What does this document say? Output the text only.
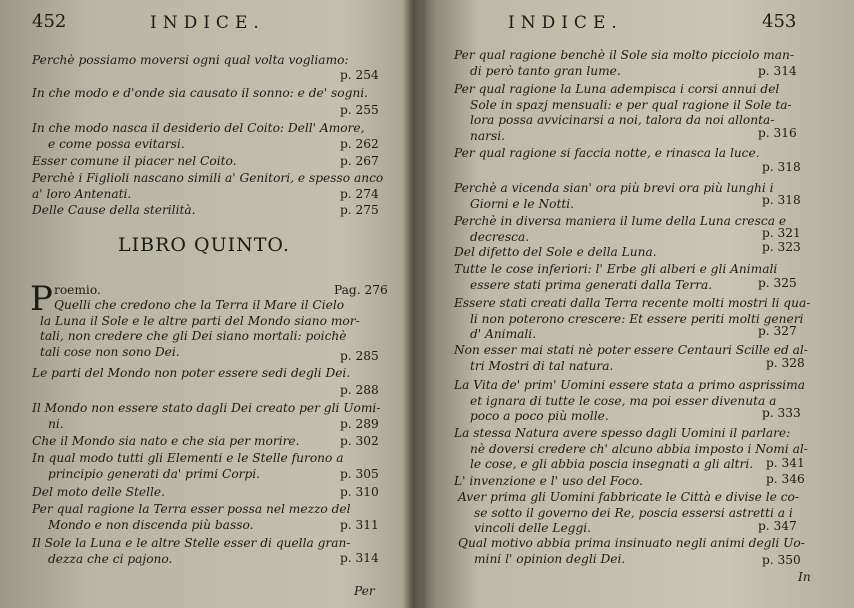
452	INDICE.
Perchè possiamo moversi ogni qual volta vogliamo:
p. 254
In che modo e d'onde sia causato il sonno: e de' sogni.
p. 255
In che modo nasca il desiderio del Coito: Dell' Amore,
e come possa evitarsi.	p. 262
Esser comune il piacer nel Coito.	p. 267
Perchè i Figlioli nascano simili a' Genitori, e spesso anco
a' loro Antenati.	p. 274
Delle Cause della sterilità.	p. 275
LIBRO QUINTO.
P roemio.	Pag. 276
Quelli che credono che la Terra il Mare il Cielo
la Luna il Sole e le altre parti del Mondo siano mor-
tali, non credere che gli Dei siano mortali: poichè
tali cose non sono Dei.	p. 285
Le parti del Mondo non poter essere sedi degli Dei.
p. 288
Il Mondo non essere stato dagli Dei creato per gli Uomi-
ni.	p. 289
Che il Mondo sia nato e che sia per morire.	p. 302
In qual modo tutti gli Elementi e le Stelle furono a
principio generati da' primi Corpi.	p. 305
Del moto delle Stelle.	p. 310
Per qual ragione la Terra esser possa nel mezzo del
Mondo e non discenda più basso.	p. 311
Il Sole la Luna e le altre Stelle esser di quella gran-
dezza che ci pajono.	p. 314
Per
INDICE.	453
Per qual ragione benchè il Sole sia molto picciolo man-
di però tanto gran lume.	p. 314
Per qual ragione la Luna adempisca i corsi annui del
Sole in spazj mensuali: e per qual ragione il Sole ta-
lora possa avvicinarsi a noi, talora da noi allonta-
narsi.	p. 316
Per qual ragione si faccia notte, e rinasca la luce.
p. 318
Perchè a vicenda sian' ora più brevi ora più lunghi i
Giorni e le Notti.	p. 318
Perchè in diversa maniera il lume della Luna cresca e
decresca.	p. 321
Del difetto del Sole e della Luna.	p. 323
Tutte le cose inferiori: l' Erbe gli alberi e gli Animali
essere stati prima generati dalla Terra.	p. 325
Essere stati creati dalla Terra recente molti mostri li qua-
li non poterono crescere: Et essere periti molti generi
d' Animali.	p. 327
Non esser mai stati nè poter essere Centauri Scille ed al-
tri Mostri di tal natura.	p. 328
La Vita de' prim' Uomini essere stata a primo asprissima
et ignara di tutte le cose, ma poi esser divenuta a
poco a poco più molle.	p. 333
La stessa Natura avere spesso dagli Uomini il parlare:
nè doversi credere ch' alcuno abbia imposto i Nomi al-
le cose, e gli abbia poscia insegnati a gli altri.	p. 341
L' invenzione e l' uso del Foco.	p. 346
Aver prima gli Uomini fabbricate le Città e divise le co-
se sotto il governo dei Re, poscia essersi astretti a i
vincoli delle Leggi.	p. 347
Qual motivo abbia prima insinuato negli animi degli Uo-
mini l' opinion degli Dei.	p. 350
In
